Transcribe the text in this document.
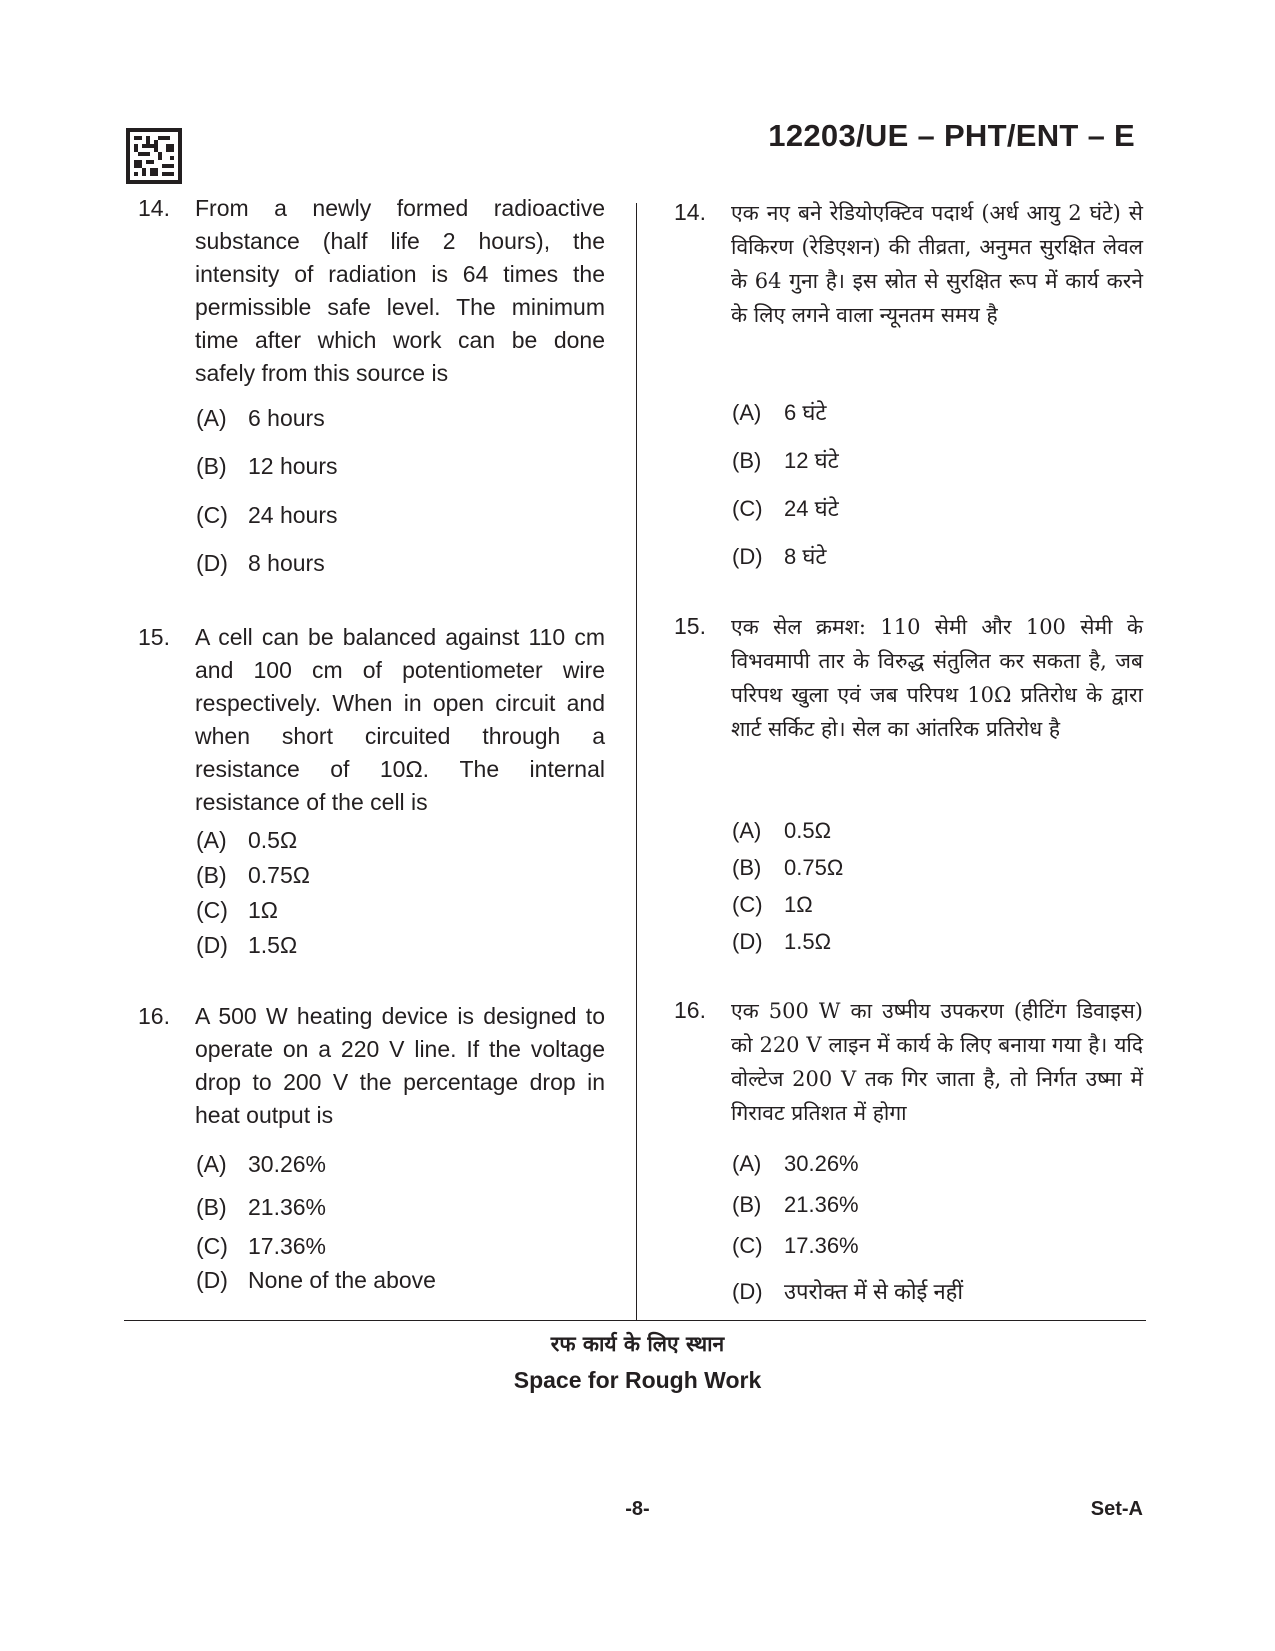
12203/UE – PHT/ENT – E
14. From a newly formed radioactive substance (half life 2 hours), the intensity of radiation is 64 times the permissible safe level. The minimum time after which work can be done safely from this source is
(A) 6 hours
(B) 12 hours
(C) 24 hours
(D) 8 hours
15. A cell can be balanced against 110 cm and 100 cm of potentiometer wire respectively. When in open circuit and when short circuited through a resistance of 10Ω. The internal resistance of the cell is
(A) 0.5Ω
(B) 0.75Ω
(C) 1Ω
(D) 1.5Ω
16. A 500 W heating device is designed to operate on a 220 V line. If the voltage drop to 200 V the percentage drop in heat output is
(A) 30.26%
(B) 21.36%
(C) 17.36%
(D) None of the above
14. एक नए बने रेडियोएक्टिव पदार्थ (अर्ध आयु 2 घंटे) से विकिरण (रेडिएशन) की तीव्रता, अनुमत सुरक्षित लेवल के 64 गुना है। इस स्रोत से सुरक्षित रूप में कार्य करने के लिए लगने वाला न्यूनतम समय है
(A) 6 घंटे
(B) 12 घंटे
(C) 24 घंटे
(D) 8 घंटे
15. एक सेल क्रमश: 110 सेमी और 100 सेमी के विभवमापी तार के विरुद्ध संतुलित कर सकता है, जब परिपथ खुला एवं जब परिपथ 10Ω प्रतिरोध के द्वारा शार्ट सर्किट हो। सेल का आंतरिक प्रतिरोध है
(A) 0.5Ω
(B) 0.75Ω
(C) 1Ω
(D) 1.5Ω
16. एक 500 W का उष्मीय उपकरण (हीटिंग डिवाइस) को 220 V लाइन में कार्य के लिए बनाया गया है। यदि वोल्टेज 200 V तक गिर जाता है, तो निर्गत उष्मा में गिरावट प्रतिशत में होगा
(A) 30.26%
(B) 21.36%
(C) 17.36%
(D) उपरोक्त में से कोई नहीं
रफ कार्य के लिए स्थान
Space for Rough Work
-8-	Set-A
